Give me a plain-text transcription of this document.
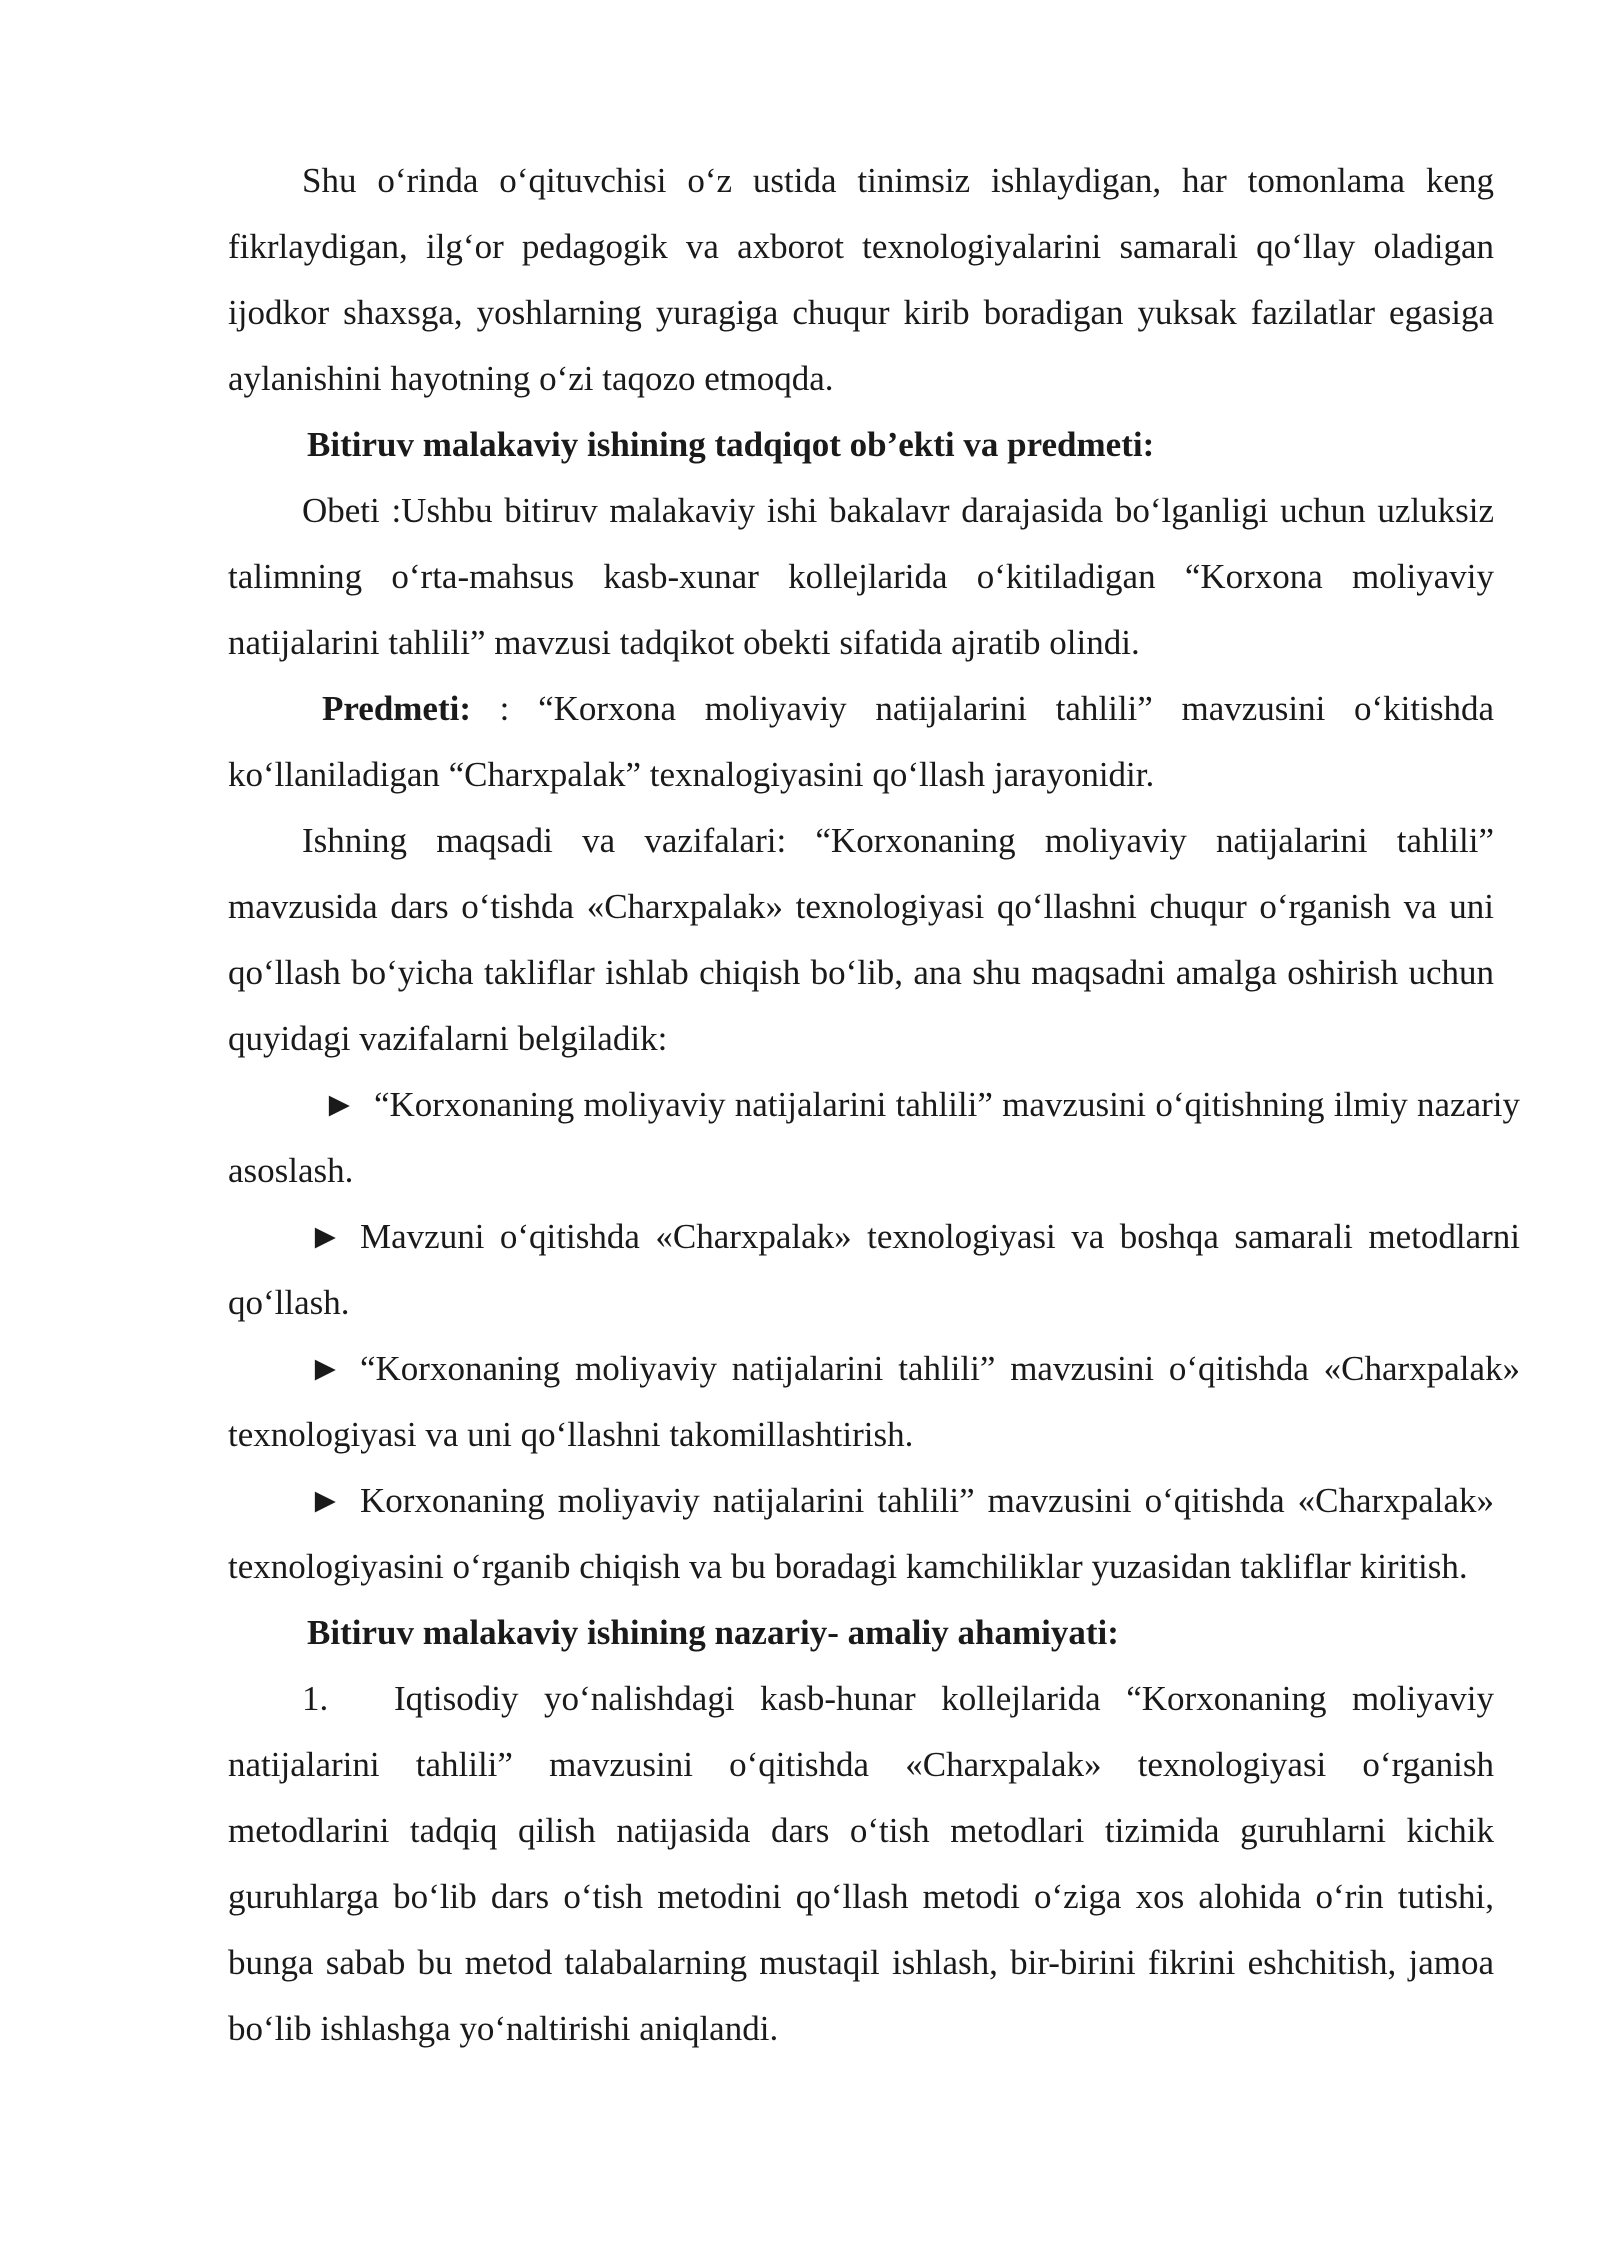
Shu o‘rinda o‘qituvchisi o‘z ustida tinimsiz ishlaydigan, har tomonlama keng fikrlaydigan, ilg‘or pedagogik va axborot texnologiyalarini samarali qo‘llay oladigan ijodkor shaxsga, yoshlarning yuragiga chuqur kirib boradigan yuksak fazilatlar egasiga aylanishini hayotning o‘zi taqozo etmoqda.

Bitiruv malakaviy ishining tadqiqot ob’ekti va predmeti:

Obeti :Ushbu bitiruv malakaviy ishi bakalavr darajasida bo‘lganligi uchun uzluksiz talimning o‘rta-mahsus kasb-xunar kollejlarida o‘kitiladigan “Korxona moliyaviy natijalarini tahlili” mavzusi tadqikot obekti sifatida ajratib olindi.

Predmeti: : “Korxona moliyaviy natijalarini tahlili” mavzusini o‘kitishda ko‘llaniladigan “Charxpalak” texnalogiyasini qo‘llash jarayonidir.

Ishning maqsadi va vazifalari: “Korxonaning moliyaviy natijalarini tahlili” mavzusida dars o‘tishda «Charxpalak» texnologiyasi qo‘llashni chuqur o‘rganish va uni qo‘llash bo‘yicha takliflar ishlab chiqish bo‘lib, ana shu maqsadni amalga oshirish uchun quyidagi vazifalarni belgiladik:

► “Korxonaning moliyaviy natijalarini tahlili” mavzusini o‘qitishning ilmiy nazariy asoslash.

► Mavzuni o‘qitishda «Charxpalak» texnologiyasi va boshqa samarali metodlarni qo‘llash.

► “Korxonaning moliyaviy natijalarini tahlili” mavzusini o‘qitishda «Charxpalak» texnologiyasi va uni qo‘llashni takomillashtirish.

► Korxonaning moliyaviy natijalarini tahlili” mavzusini o‘qitishda «Charxpalak» texnologiyasini o‘rganib chiqish va bu boradagi kamchiliklar yuzasidan takliflar kiritish.

Bitiruv malakaviy ishining nazariy- amaliy ahamiyati:

1. Iqtisodiy yo‘nalishdagi kasb-hunar kollejlarida “Korxonaning moliyaviy natijalarini tahlili” mavzusini o‘qitishda «Charxpalak» texnologiyasi o‘rganish metodlarini tadqiq qilish natijasida dars o‘tish metodlari tizimida guruhlarni kichik guruhlarga bo‘lib dars o‘tish metodini qo‘llash metodi o‘ziga xos alohida o‘rin tutishi, bunga sabab bu metod talabalarning mustaqil ishlash, bir-birini fikrini eshchitish, jamoa bo‘lib ishlashga yo‘naltirishi aniqlandi.
